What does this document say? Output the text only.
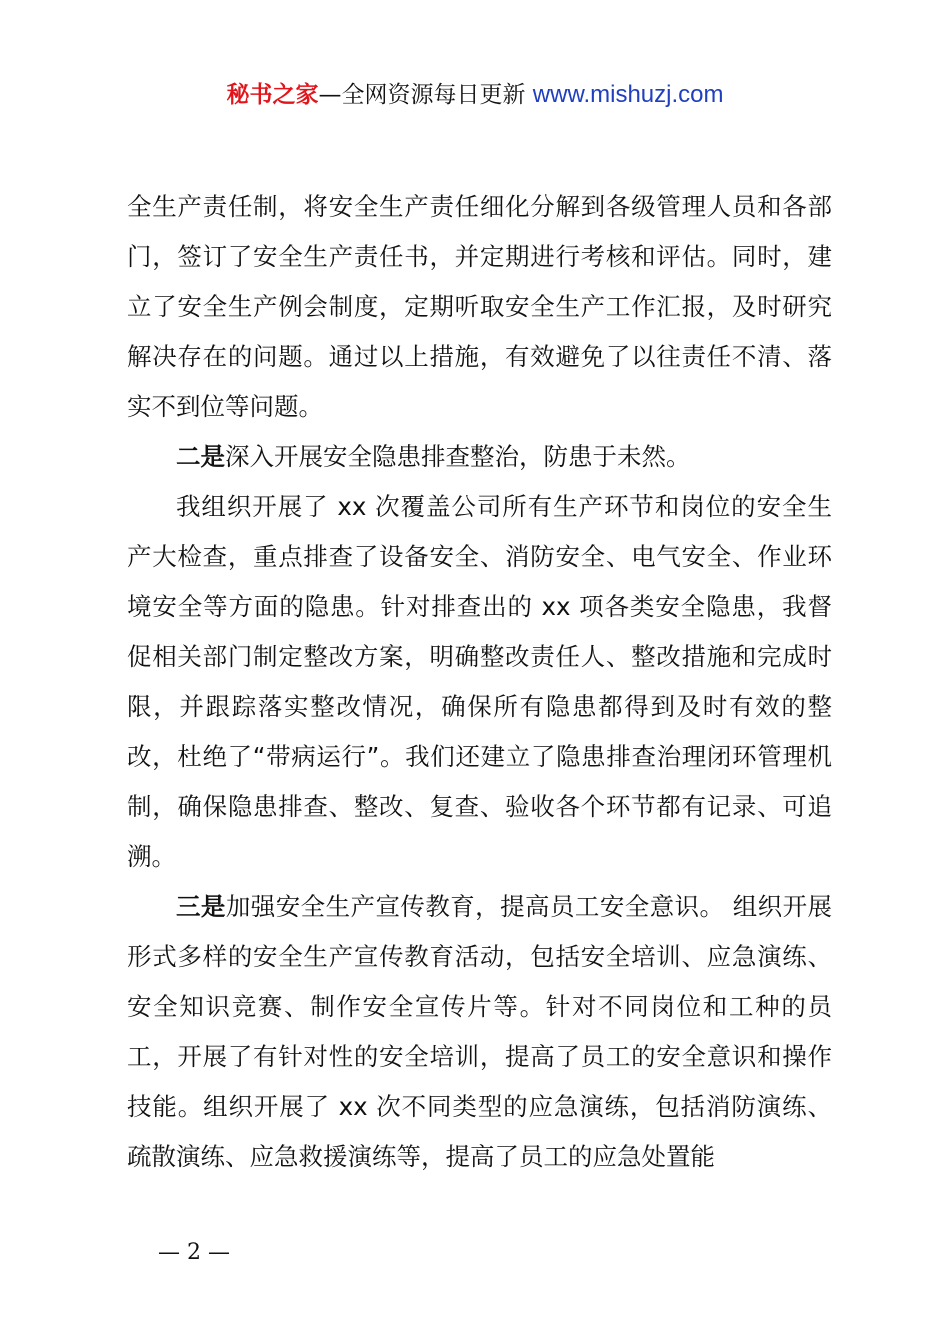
秘书之家—全网资源每日更新 www.mishuzj.com

全生产责任制，将安全生产责任细化分解到各级管理人员和各部门，签订了安全生产责任书，并定期进行考核和评估。同时，建立了安全生产例会制度，定期听取安全生产工作汇报，及时研究解决存在的问题。通过以上措施，有效避免了以往责任不清、落实不到位等问题。

二是深入开展安全隐患排查整治，防患于未然。

我组织开展了 xx 次覆盖公司所有生产环节和岗位的安全生产大检查，重点排查了设备安全、消防安全、电气安全、作业环境安全等方面的隐患。针对排查出的 xx 项各类安全隐患，我督促相关部门制定整改方案，明确整改责任人、整改措施和完成时限，并跟踪落实整改情况，确保所有隐患都得到及时有效的整改，杜绝了“带病运行”。我们还建立了隐患排查治理闭环管理机制，确保隐患排查、整改、复查、验收各个环节都有记录、可追溯。

三是加强安全生产宣传教育，提高员工安全意识。 组织开展形式多样的安全生产宣传教育活动，包括安全培训、应急演练、安全知识竞赛、制作安全宣传片等。针对不同岗位和工种的员工，开展了有针对性的安全培训，提高了员工的安全意识和操作技能。组织开展了 xx 次不同类型的应急演练，包括消防演练、疏散演练、应急救援演练等，提高了员工的应急处置能

— 2 —
